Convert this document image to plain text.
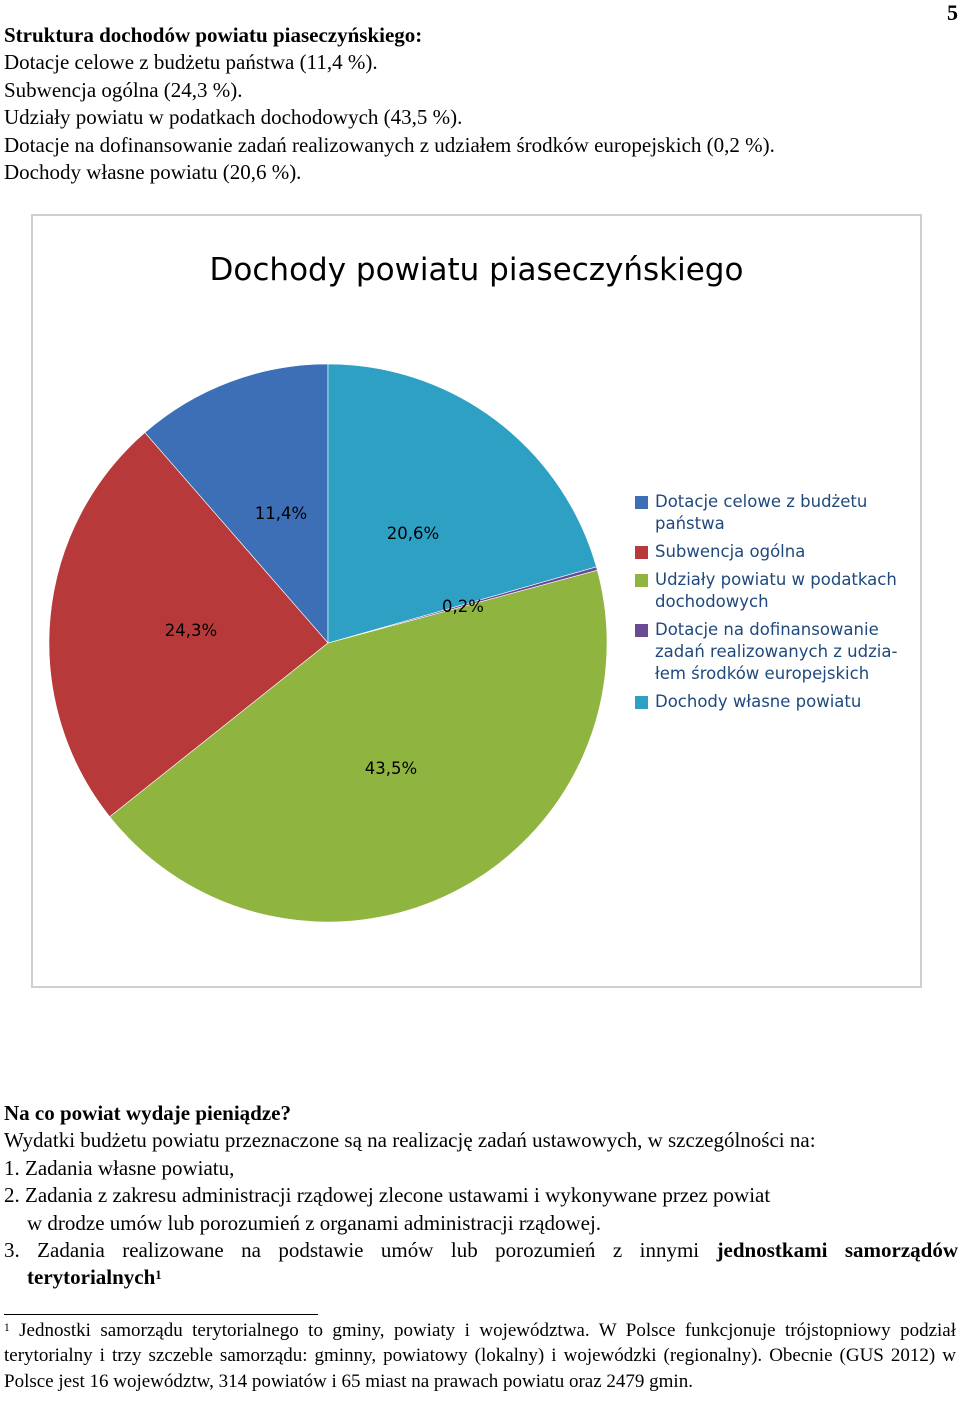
5
Struktura dochodów powiatu piaseczyńskiego:
Dotacje celowe z budżetu państwa (11,4 %).
Subwencja ogólna (24,3 %).
Udziały powiatu w podatkach dochodowych (43,5 %).
Dotacje na dofinansowanie zadań realizowanych z udziałem środków europejskich (0,2 %).
Dochody własne powiatu (20,6 %).
Dochody powiatu piaseczyńskiego
11,4%
24,3%
43,5%
0,2%
20,6%
Dotacje celowe z budżetu
państwa
Subwencja ogólna
Udziały powiatu w podatkach
dochodowych
Dotacje na dofinansowanie
zadań realizowanych z udzia-
łem środków europejskich
Dochody własne powiatu

Na co powiat wydaje pieniądze?

Wydatki budżetu powiatu przeznaczone są na realizację zadań ustawowych, w szczególności na:

1. Zadania własne powiatu,

2. Zadania z zakresu administracji rządowej zlecone ustawami i wykonywane przez powiat

w drodze umów lub porozumień z organami administracji rządowej.

3. Zadania realizowane na podstawie umów lub porozumień z innymi jednostkami samorządów

terytorialnych$^1$

$^1$ Jednostki samorządu terytorialnego to gminy, powiaty i województwa. W Polsce funkcjonuje trójstopniowy podział terytorialny i trzy szczeble samorządu: gminny, powiatowy (lokalny) i wojewódzki (regionalny). Obecnie (GUS 2012) w Polsce jest 16 województw, 314 powiatów i 65 miast na prawach powiatu oraz 2479 gmin.
